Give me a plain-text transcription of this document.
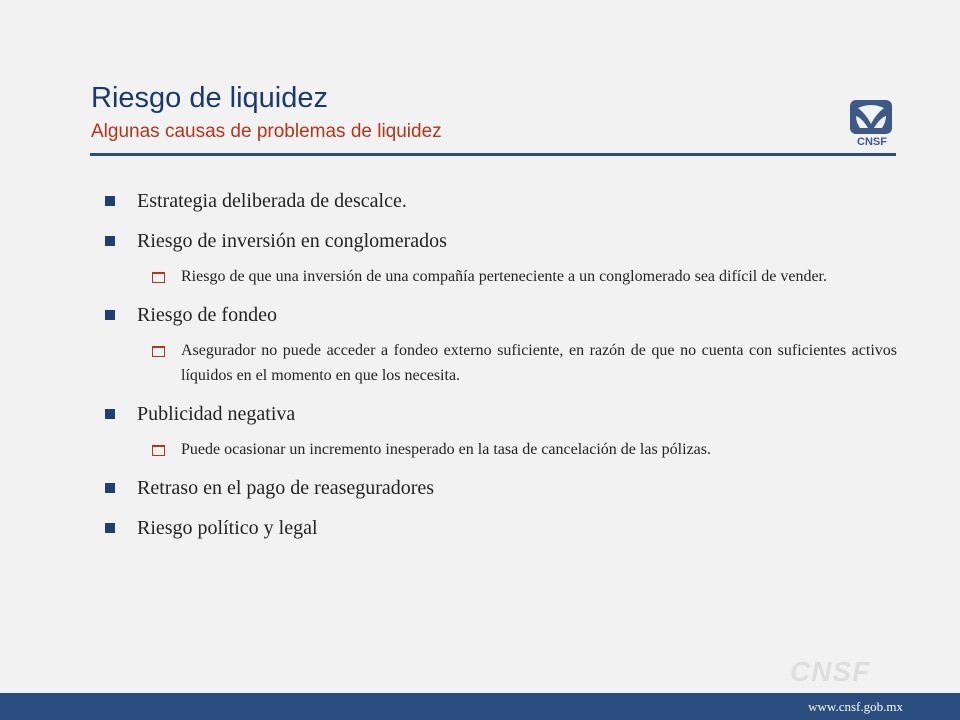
Riesgo de liquidez
Algunas causas de problemas de liquidez	CNSF
Estrategia deliberada de descalce.
Riesgo de inversión en conglomerados
Riesgo de que una inversión de una compañía perteneciente a un conglomerado sea difícil de vender.
Riesgo de fondeo
Asegurador no puede acceder a fondeo externo suficiente, en razón de que no cuenta con suficientes activos líquidos en el momento en que los necesita.
Publicidad negativa
Puede ocasionar un incremento inesperado en la tasa de cancelación de las pólizas.
Retraso en el pago de reaseguradores
Riesgo político y legal
CNSF
www.cnsf.gob.mx
